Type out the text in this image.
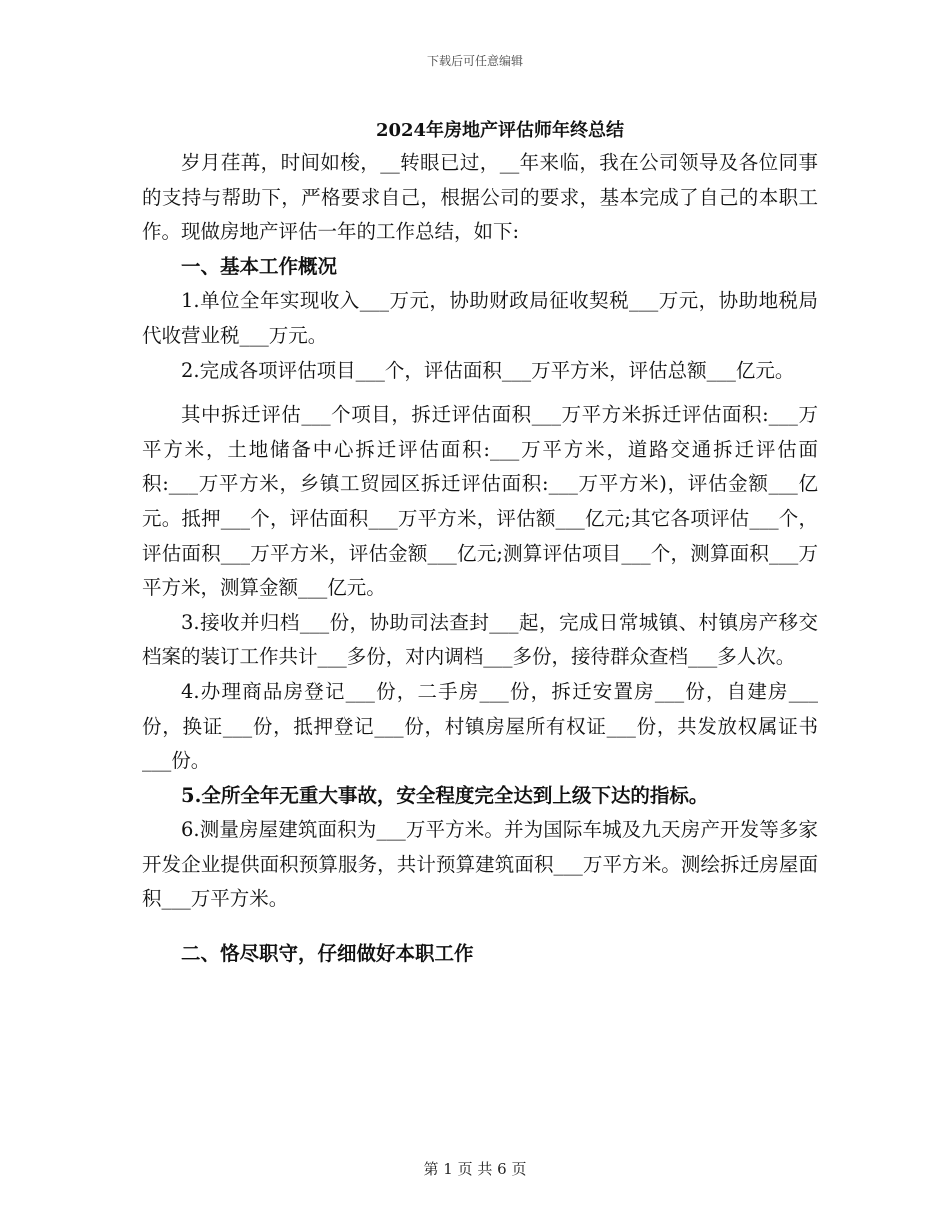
下载后可任意编辑
2024年房地产评估师年终总结

岁月荏苒，时间如梭，__转眼已过，__年来临，我在公司领导及各位同事的支持与帮助下，严格要求自己，根据公司的要求，基本完成了自己的本职工作。现做房地产评估一年的工作总结，如下:

一、基本工作概况

1.单位全年实现收入___万元，协助财政局征收契税___万元，协助地税局代收营业税___万元。

2.完成各项评估项目___个，评估面积___万平方米，评估总额___亿元。

其中拆迁评估___个项目，拆迁评估面积___万平方米拆迁评估面积:___万平方米，土地储备中心拆迁评估面积:___万平方米，道路交通拆迁评估面积:___万平方米，乡镇工贸园区拆迁评估面积:___万平方米)，评估金额___亿元。抵押___个，评估面积___万平方米，评估额___亿元;其它各项评估___个，评估面积___万平方米，评估金额___亿元;测算评估项目___个，测算面积___万平方米，测算金额___亿元。

3.接收并归档___份，协助司法查封___起，完成日常城镇、村镇房产移交档案的装订工作共计___多份，对内调档___多份，接待群众查档___多人次。

4.办理商品房登记___份，二手房___份，拆迁安置房___份，自建房___份，换证___份，抵押登记___份，村镇房屋所有权证___份，共发放权属证书___份。

5.全所全年无重大事故，安全程度完全达到上级下达的指标。

6.测量房屋建筑面积为___万平方米。并为国际车城及九天房产开发等多家开发企业提供面积预算服务，共计预算建筑面积___万平方米。测绘拆迁房屋面积___万平方米。

二、恪尽职守，仔细做好本职工作

第 1 页 共 6 页
